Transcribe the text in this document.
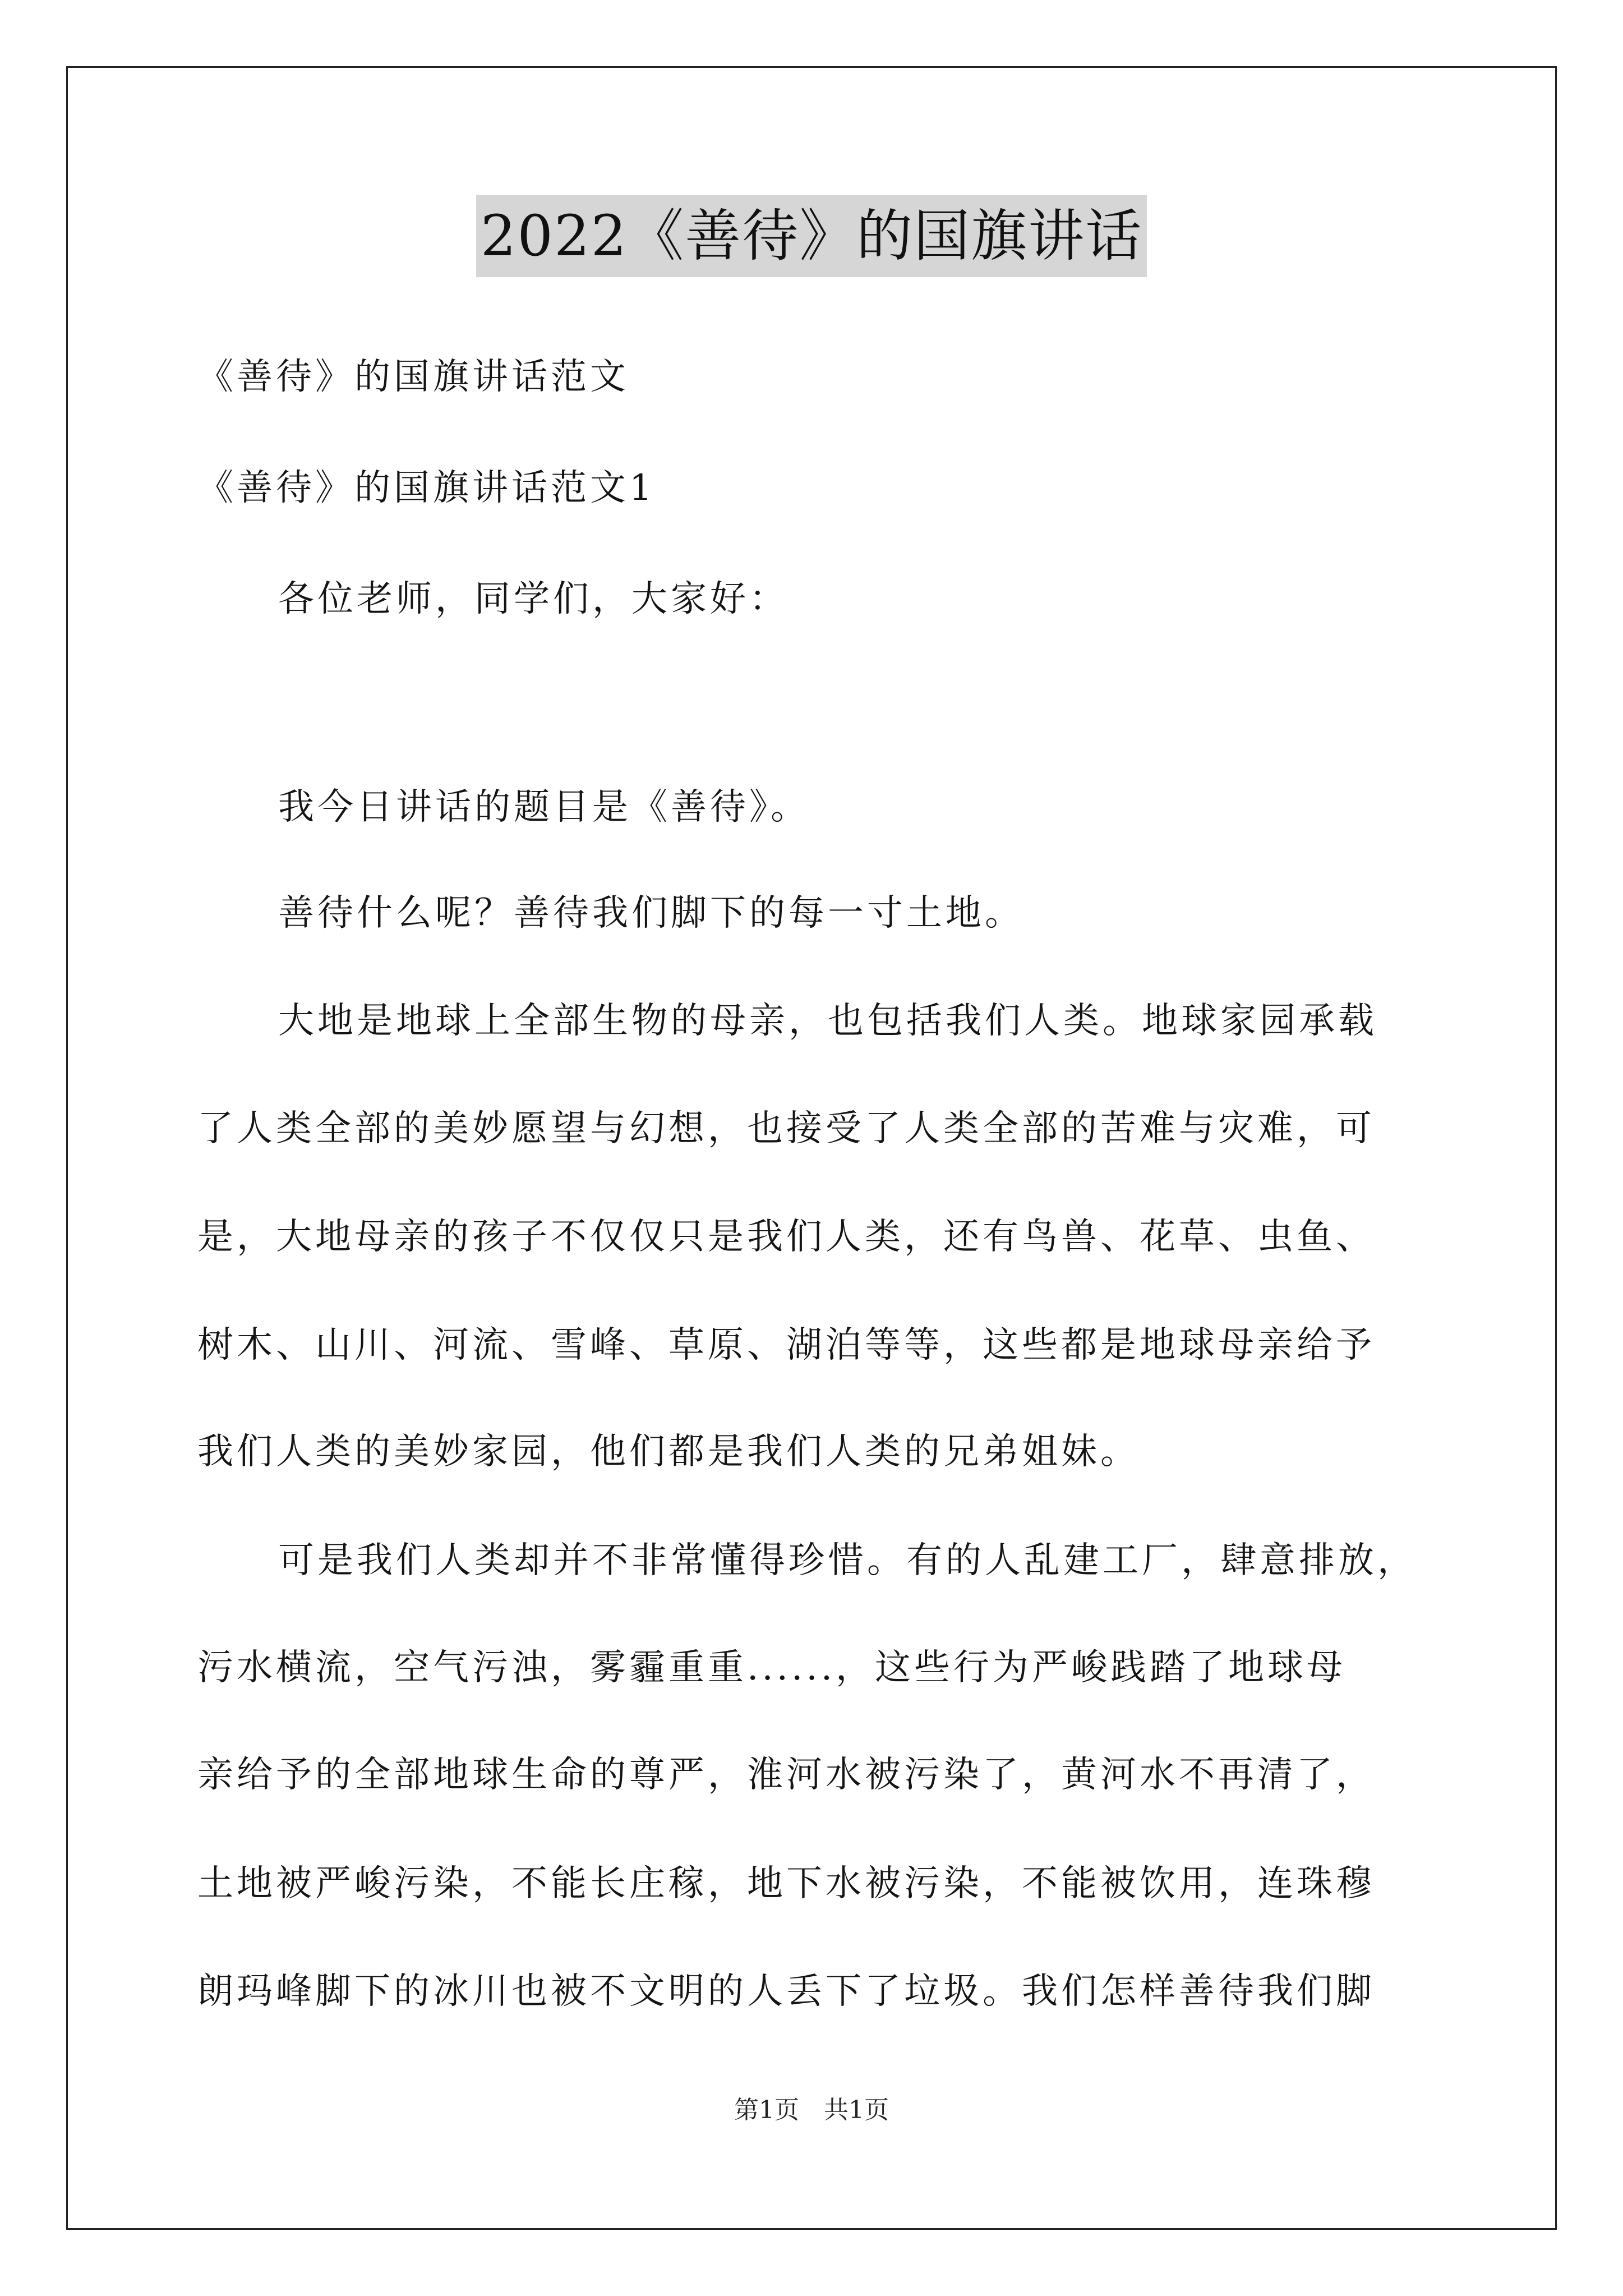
2022《善待》的国旗讲话
《善待》的国旗讲话范文
《善待》的国旗讲话范文1
各位老师，同学们，大家好：
我今日讲话的题目是《善待》。
善待什么呢？善待我们脚下的每一寸土地。
大地是地球上全部生物的母亲，也包括我们人类。地球家园承载
了人类全部的美妙愿望与幻想，也接受了人类全部的苦难与灾难，可
是，大地母亲的孩子不仅仅只是我们人类，还有鸟兽、花草、虫鱼、
树木、山川、河流、雪峰、草原、湖泊等等，这些都是地球母亲给予
我们人类的美妙家园，他们都是我们人类的兄弟姐妹。
可是我们人类却并不非常懂得珍惜。有的人乱建工厂，肆意排放，
污水横流，空气污浊，雾霾重重......，这些行为严峻践踏了地球母
亲给予的全部地球生命的尊严，淮河水被污染了，黄河水不再清了，
土地被严峻污染，不能长庄稼，地下水被污染，不能被饮用，连珠穆
朗玛峰脚下的冰川也被不文明的人丢下了垃圾。我们怎样善待我们脚
第1页　共1页
